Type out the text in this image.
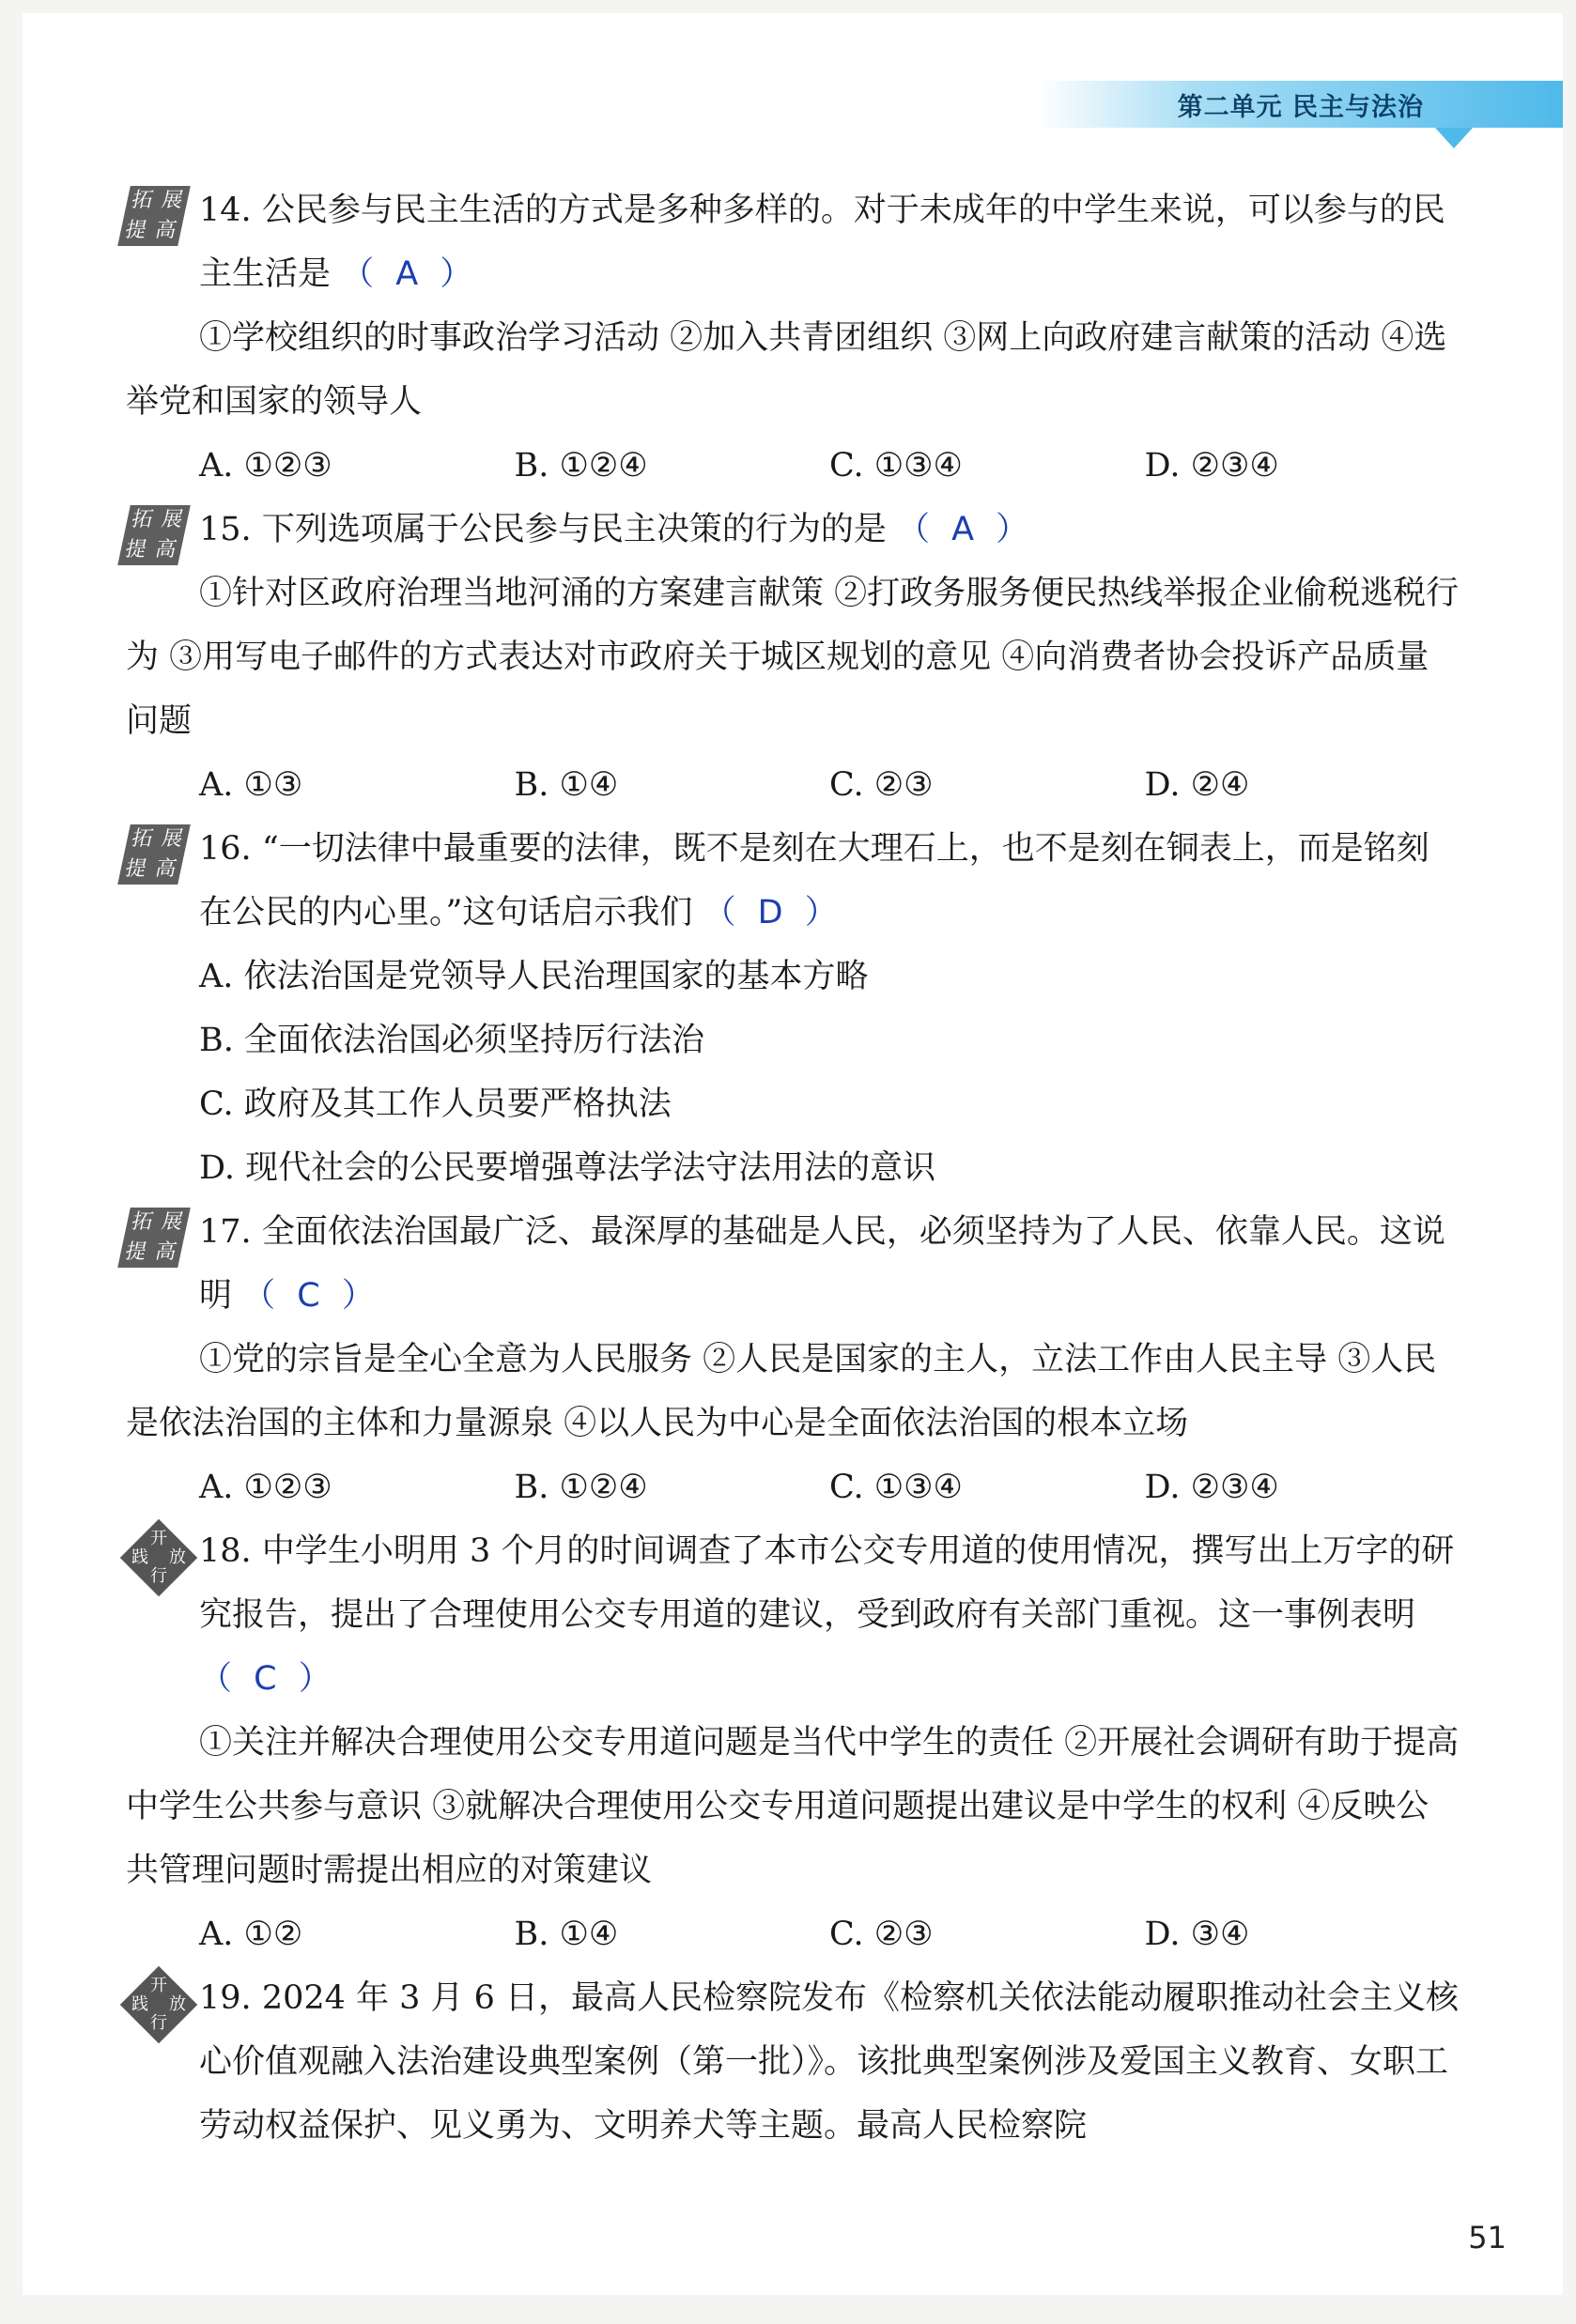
第二单元 民主与法治
拓 展
提 高

14. 公民参与民主生活的方式是多种多样的。对于未成年的中学生来说，可以参与的民主生活是 （ A ）

①学校组织的时事政治学习活动 ②加入共青团组织 ③网上向政府建言献策的活动 ④选举党和国家的领导人

A. ①②③	B. ①②④	C. ①③④	D. ②③④
拓 展
提 高

15. 下列选项属于公民参与民主决策的行为的是 （ A ）

①针对区政府治理当地河涌的方案建言献策 ②打政务服务便民热线举报企业偷税逃税行为 ③用写电子邮件的方式表达对市政府关于城区规划的意见 ④向消费者协会投诉产品质量问题

A. ①③	B. ①④	C. ②③	D. ②④
拓 展
提 高

16. “一切法律中最重要的法律，既不是刻在大理石上，也不是刻在铜表上，而是铭刻在公民的内心里。”这句话启示我们 （ D ）

A. 依法治国是党领导人民治理国家的基本方略

B. 全面依法治国必须坚持厉行法治

C. 政府及其工作人员要严格执法

D. 现代社会的公民要增强尊法学法守法用法的意识

拓 展
提 高

17. 全面依法治国最广泛、最深厚的基础是人民，必须坚持为了人民、依靠人民。这说明 （ C ）

①党的宗旨是全心全意为人民服务 ②人民是国家的主人，立法工作由人民主导 ③人民是依法治国的主体和力量源泉 ④以人民为中心是全面依法治国的根本立场

A. ①②③	B. ①②④	C. ①③④	D. ②③④
开
放
践
行

18. 中学生小明用 3 个月的时间调查了本市公交专用道的使用情况，撰写出上万字的研究报告，提出了合理使用公交专用道的建议，受到政府有关部门重视。这一事例表明 （ C ）

①关注并解决合理使用公交专用道问题是当代中学生的责任 ②开展社会调研有助于提高中学生公共参与意识 ③就解决合理使用公交专用道问题提出建议是中学生的权利 ④反映公共管理问题时需提出相应的对策建议

A. ①②	B. ①④	C. ②③	D. ③④
开
放
践
行

19. 2024 年 3 月 6 日，最高人民检察院发布《检察机关依法能动履职推动社会主义核心价值观融入法治建设典型案例（第一批）》。该批典型案例涉及爱国主义教育、女职工劳动权益保护、见义勇为、文明养犬等主题。最高人民检察院

51
